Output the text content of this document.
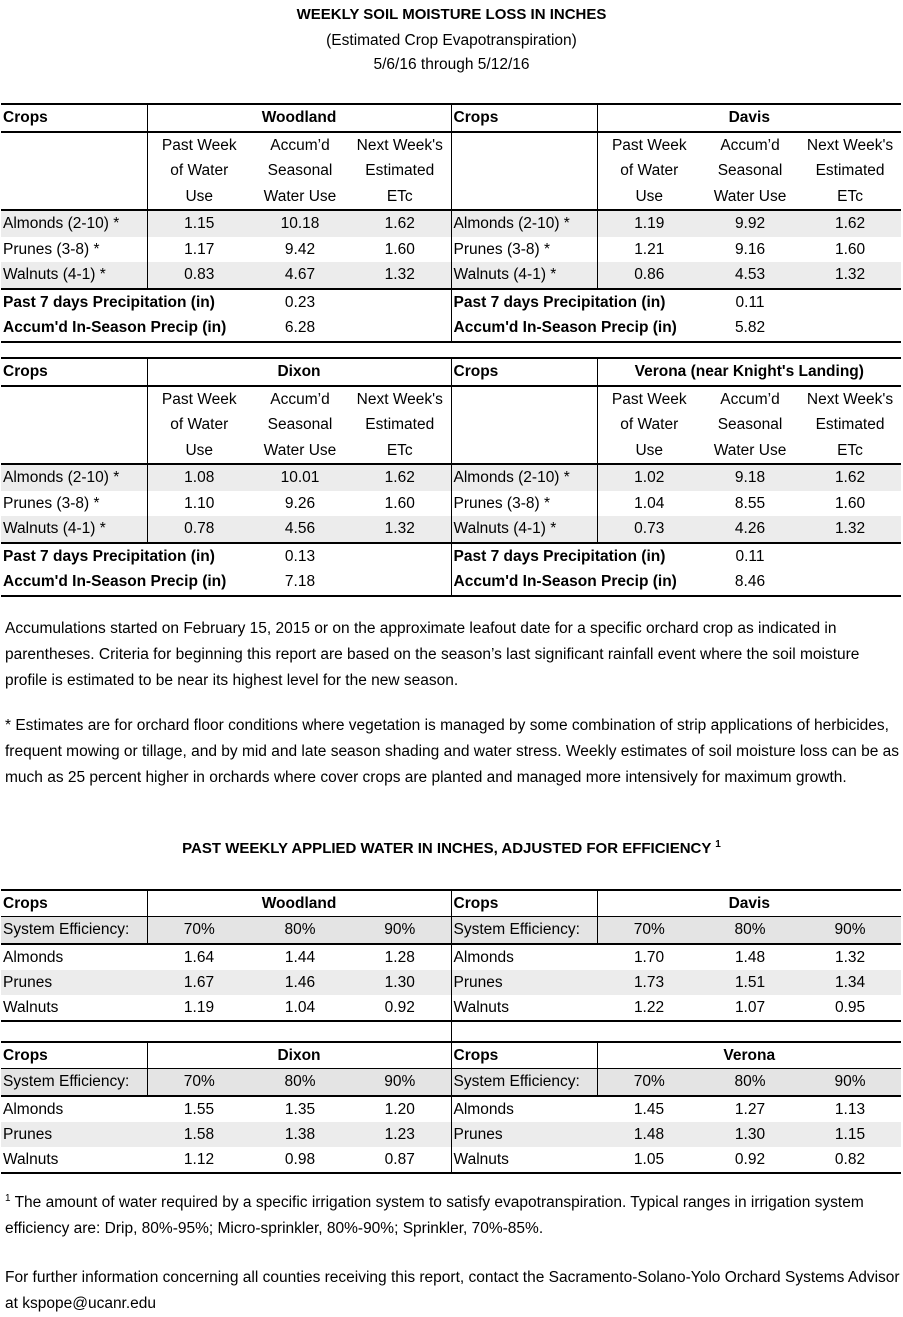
WEEKLY SOIL MOISTURE LOSS IN INCHES
(Estimated Crop Evapotranspiration)
5/6/16 through 5/12/16
Crops	Woodland			Crops	Davis		
	Past Week	Accum’d	Next Week's		Past Week	Accum’d	Next Week's
	of Water	Seasonal	Estimated		of Water	Seasonal	Estimated
	Use	Water Use	ETc		Use	Water Use	ETc
Almonds (2-10) *	1.15	10.18	1.62	Almonds (2-10) *	1.19	9.92	1.62
Prunes (3-8) *	1.17	9.42	1.60	Prunes (3-8) *	1.21	9.16	1.60
Walnuts (4-1) *	0.83	4.67	1.32	Walnuts (4-1) *	0.86	4.53	1.32
Past 7 days Precipitation (in)		0.23		Past 7 days Precipitation (in)		0.11	
Accum'd In-Season Precip (in)		6.28		Accum'd In-Season Precip (in)		5.82	
Crops	Dixon			Crops	Verona (near Knight's Landing)		
	Past Week	Accum’d	Next Week's		Past Week	Accum’d	Next Week's
	of Water	Seasonal	Estimated		of Water	Seasonal	Estimated
	Use	Water Use	ETc		Use	Water Use	ETc
Almonds (2-10) *	1.08	10.01	1.62	Almonds (2-10) *	1.02	9.18	1.62
Prunes (3-8) *	1.10	9.26	1.60	Prunes (3-8) *	1.04	8.55	1.60
Walnuts (4-1) *	0.78	4.56	1.32	Walnuts (4-1) *	0.73	4.26	1.32
Past 7 days Precipitation (in)		0.13		Past 7 days Precipitation (in)		0.11	
Accum'd In-Season Precip (in)		7.18		Accum'd In-Season Precip (in)		8.46	
Accumulations started on February 15, 2015 or on the approximate leafout date for a specific orchard crop as indicated in parentheses. Criteria for beginning this report are based on the season’s last significant rainfall event where the soil moisture profile is estimated to be near its highest level for the new season.
* Estimates are for orchard floor conditions where vegetation is managed by some combination of strip applications of herbicides, frequent mowing or tillage, and by mid and late season shading and water stress. Weekly estimates of soil moisture loss can be as much as 25 percent higher in orchards where cover crops are planted and managed more intensively for maximum growth.
PAST WEEKLY APPLIED WATER IN INCHES, ADJUSTED FOR EFFICIENCY $^1$
Crops	Woodland			Crops	Davis		
System Efficiency:	70%	80%	90%	System Efficiency:	70%	80%	90%
Almonds	1.64	1.44	1.28	Almonds	1.70	1.48	1.32
Prunes	1.67	1.46	1.30	Prunes	1.73	1.51	1.34
Walnuts	1.19	1.04	0.92	Walnuts	1.22	1.07	0.95

Crops	Dixon			Crops	Verona		
System Efficiency:	70%	80%	90%	System Efficiency:	70%	80%	90%
Almonds	1.55	1.35	1.20	Almonds	1.45	1.27	1.13
Prunes	1.58	1.38	1.23	Prunes	1.48	1.30	1.15
Walnuts	1.12	0.98	0.87	Walnuts	1.05	0.92	0.82
$^1$ The amount of water required by a specific irrigation system to satisfy evapotranspiration. Typical ranges in irrigation system efficiency are: Drip, 80%-95%; Micro-sprinkler, 80%-90%; Sprinkler, 70%-85%.
For further information concerning all counties receiving this report, contact the Sacramento-Solano-Yolo Orchard Systems Advisor at kspope@ucanr.edu
